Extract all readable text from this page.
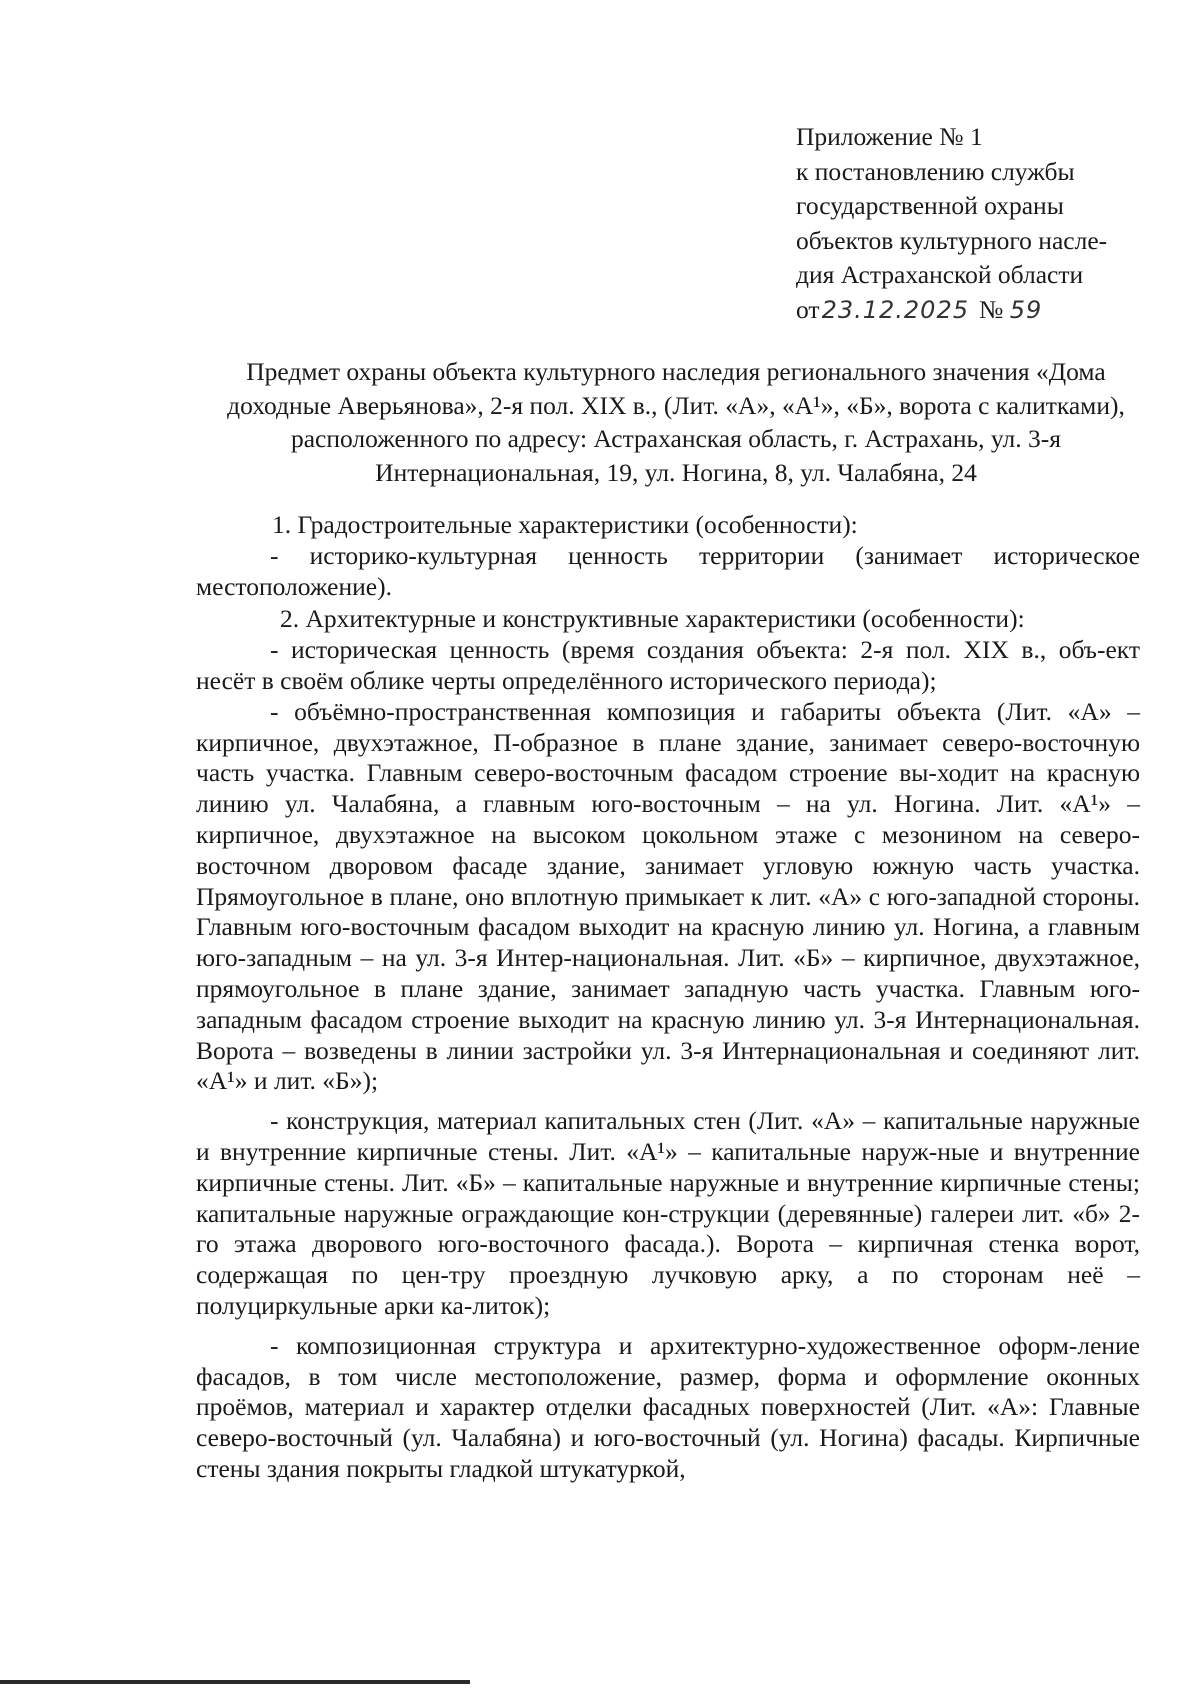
Приложение № 1
к постановлению службы
государственной охраны
объектов культурного насле-
дия Астраханской области
от23.12.2025 № 59
Предмет охраны объекта культурного наследия регионального значения «Дома доходные Аверьянова», 2-я пол. XIX в., (Лит. «А», «А¹», «Б», ворота с калитками), расположенного по адресу: Астраханская область, г. Астрахань, ул. 3-я Интернациональная, 19, ул. Ногина, 8, ул. Чалабяна, 24

1. Градостроительные характеристики (особенности):

- историко-культурная ценность территории (занимает историческое местоположение).

2. Архитектурные и конструктивные характеристики (особенности):

- историческая ценность (время создания объекта: 2-я пол. XIX в., объ-ект несёт в своём облике черты определённого исторического периода);

- объёмно-пространственная композиция и габариты объекта (Лит. «А» – кирпичное, двухэтажное, П-образное в плане здание, занимает северо-восточную часть участка. Главным северо-восточным фасадом строение вы-ходит на красную линию ул. Чалабяна, а главным юго-восточным – на ул. Ногина. Лит. «А¹» – кирпичное, двухэтажное на высоком цокольном этаже с мезонином на северо-восточном дворовом фасаде здание, занимает угловую южную часть участка. Прямоугольное в плане, оно вплотную примыкает к лит. «А» с юго-западной стороны. Главным юго-восточным фасадом выходит на красную линию ул. Ногина, а главным юго-западным – на ул. 3-я Интер-национальная. Лит. «Б» – кирпичное, двухэтажное, прямоугольное в плане здание, занимает западную часть участка. Главным юго-западным фасадом строение выходит на красную линию ул. 3-я Интернациональная. Ворота – возведены в линии застройки ул. 3-я Интернациональная и соединяют лит. «А¹» и лит. «Б»);

- конструкция, материал капитальных стен (Лит. «А» – капитальные наружные и внутренние кирпичные стены. Лит. «А¹» – капитальные наруж-ные и внутренние кирпичные стены. Лит. «Б» – капитальные наружные и внутренние кирпичные стены; капитальные наружные ограждающие кон-струкции (деревянные) галереи лит. «б» 2-го этажа дворового юго-восточного фасада.). Ворота – кирпичная стенка ворот, содержащая по цен-тру проездную лучковую арку, а по сторонам неё – полуциркульные арки ка-литок);

- композиционная структура и архитектурно-художественное оформ-ление фасадов, в том числе местоположение, размер, форма и оформление оконных проёмов, материал и характер отделки фасадных поверхностей (Лит. «А»: Главные северо-восточный (ул. Чалабяна) и юго-восточный (ул. Ногина) фасады. Кирпичные стены здания покрыты гладкой штукатуркой,
